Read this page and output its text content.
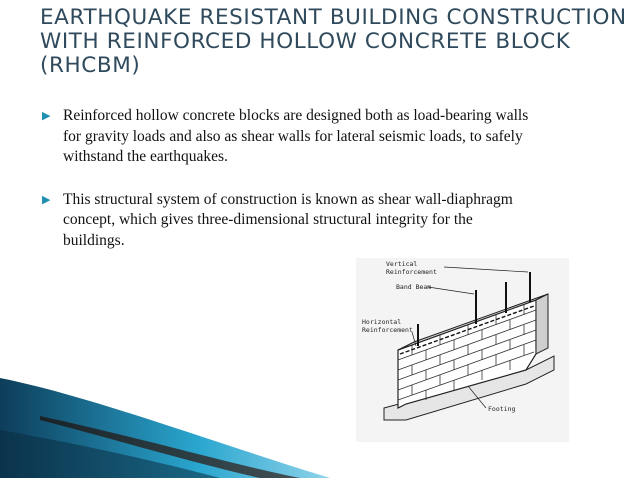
EARTHQUAKE RESISTANT BUILDING CONSTRUCTION
WITH REINFORCED HOLLOW CONCRETE BLOCK
(RHCBM)
▶ Reinforced hollow concrete blocks are designed both as load-bearing walls
for gravity loads and also as shear walls for lateral seismic loads, to safely
withstand the earthquakes.
▶ This structural system of construction is known as shear wall-diaphragm
concept, which gives three-dimensional structural integrity for the
buildings.
Vertical
Reinforcement
Band Beam
Horizontal
Reinforcement
Footing
